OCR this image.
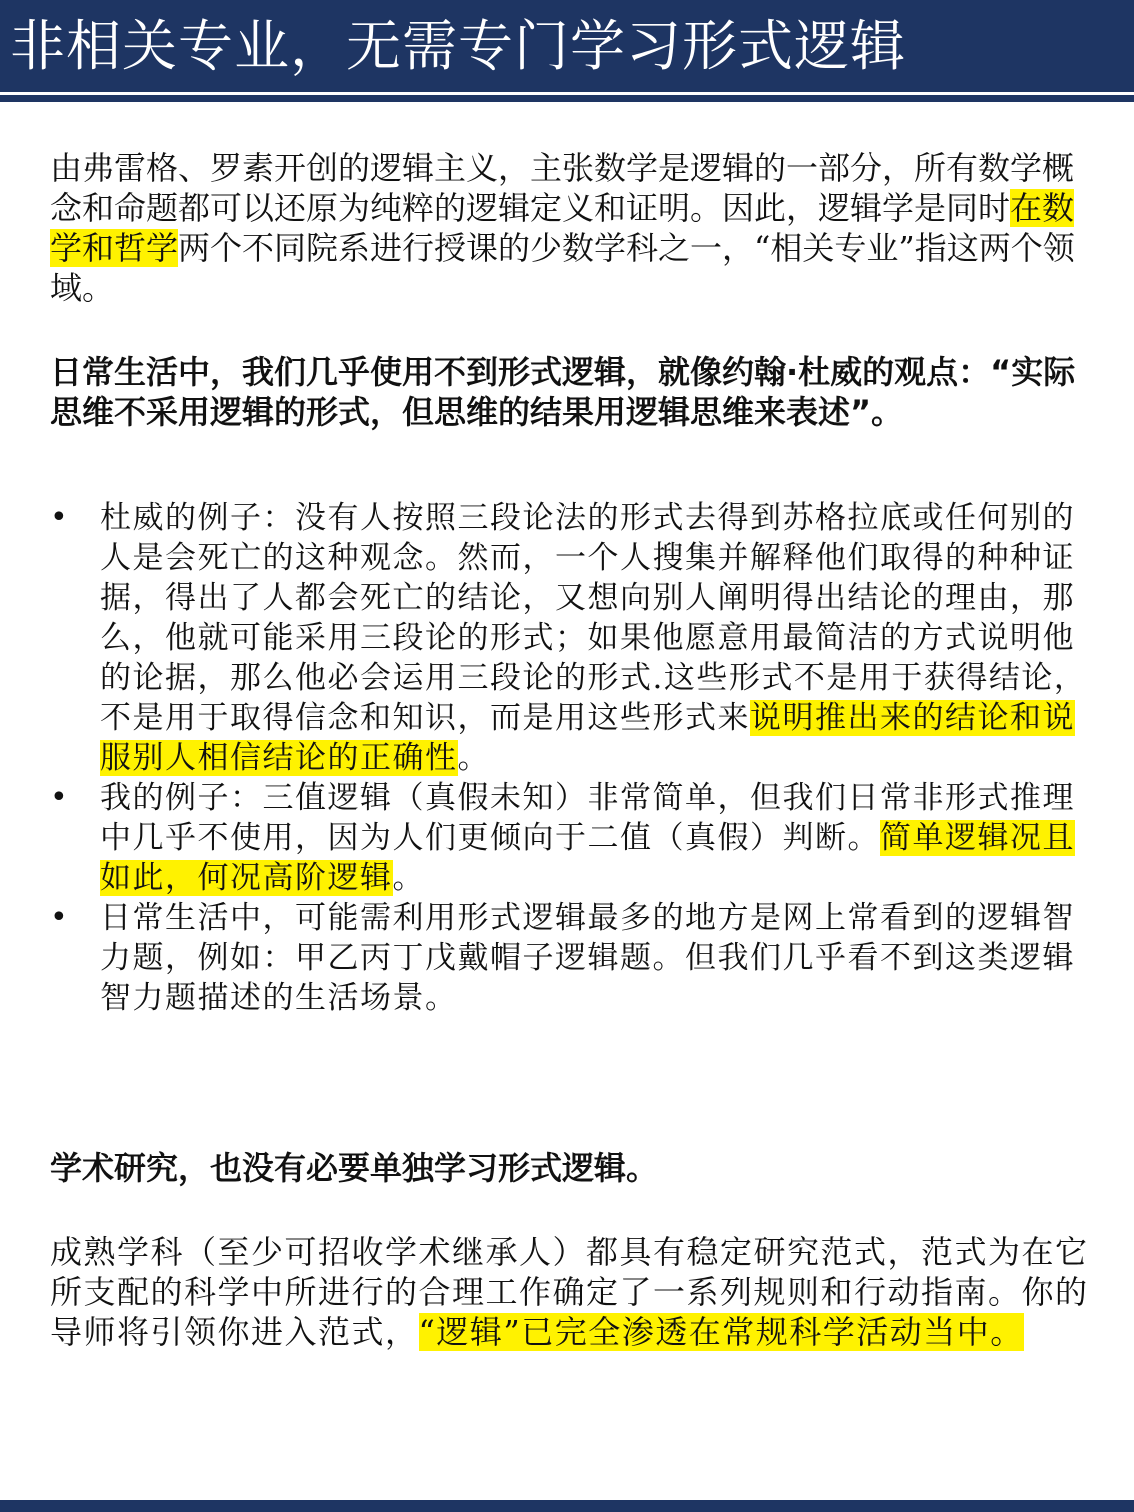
非相关专业，无需专门学习形式逻辑

由弗雷格、罗素开创的逻辑主义，主张数学是逻辑的一部分，所有数学概念和命题都可以还原为纯粹的逻辑定义和证明。因此，逻辑学是同时在数学和哲学两个不同院系进行授课的少数学科之一，“相关专业”指这两个领域。

日常生活中，我们几乎使用不到形式逻辑，就像约翰·杜威的观点：“实际思维不采用逻辑的形式，但思维的结果用逻辑思维来表述”。

• 杜威的例子：没有人按照三段论法的形式去得到苏格拉底或任何别的人是会死亡的这种观念。然而，一个人搜集并解释他们取得的种种证据，得出了人都会死亡的结论，又想向别人阐明得出结论的理由，那么，他就可能采用三段论的形式；如果他愿意用最简洁的方式说明他的论据，那么他必会运用三段论的形式.这些形式不是用于获得结论，不是用于取得信念和知识，而是用这些形式来说明推出来的结论和说服别人相信结论的正确性。
• 我的例子：三值逻辑（真假未知）非常简单，但我们日常非形式推理中几乎不使用，因为人们更倾向于二值（真假）判断。简单逻辑况且如此，何况高阶逻辑。
• 日常生活中，可能需利用形式逻辑最多的地方是网上常看到的逻辑智力题，例如：甲乙丙丁戊戴帽子逻辑题。但我们几乎看不到这类逻辑智力题描述的生活场景。

学术研究，也没有必要单独学习形式逻辑。

成熟学科（至少可招收学术继承人）都具有稳定研究范式，范式为在它所支配的科学中所进行的合理工作确定了一系列规则和行动指南。你的导师将引领你进入范式，“逻辑”已完全渗透在常规科学活动当中。
